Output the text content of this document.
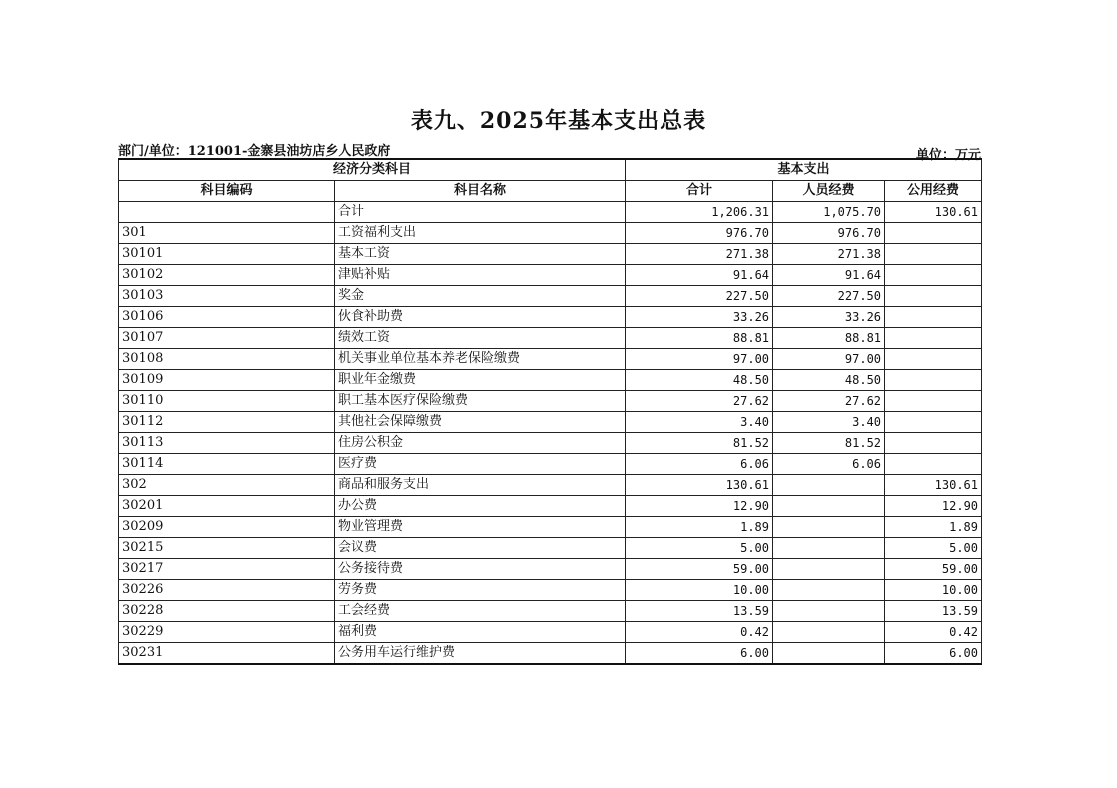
表九、2025年基本支出总表
部门/单位：121001-金寨县油坊店乡人民政府	单位：万元
经济分类科目		基本支出		
科目编码	科目名称	合计	人员经费	公用经费
	合计	1,206.31	1,075.70	130.61
301	工资福利支出	976.70	976.70	
30101	基本工资	271.38	271.38	
30102	津贴补贴	91.64	91.64	
30103	奖金	227.50	227.50	
30106	伙食补助费	33.26	33.26	
30107	绩效工资	88.81	88.81	
30108	机关事业单位基本养老保险缴费	97.00	97.00	
30109	职业年金缴费	48.50	48.50	
30110	职工基本医疗保险缴费	27.62	27.62	
30112	其他社会保障缴费	3.40	3.40	
30113	住房公积金	81.52	81.52	
30114	医疗费	6.06	6.06	
302	商品和服务支出	130.61		130.61
30201	办公费	12.90		12.90
30209	物业管理费	1.89		1.89
30215	会议费	5.00		5.00
30217	公务接待费	59.00		59.00
30226	劳务费	10.00		10.00
30228	工会经费	13.59		13.59
30229	福利费	0.42		0.42
30231	公务用车运行维护费	6.00		6.00
